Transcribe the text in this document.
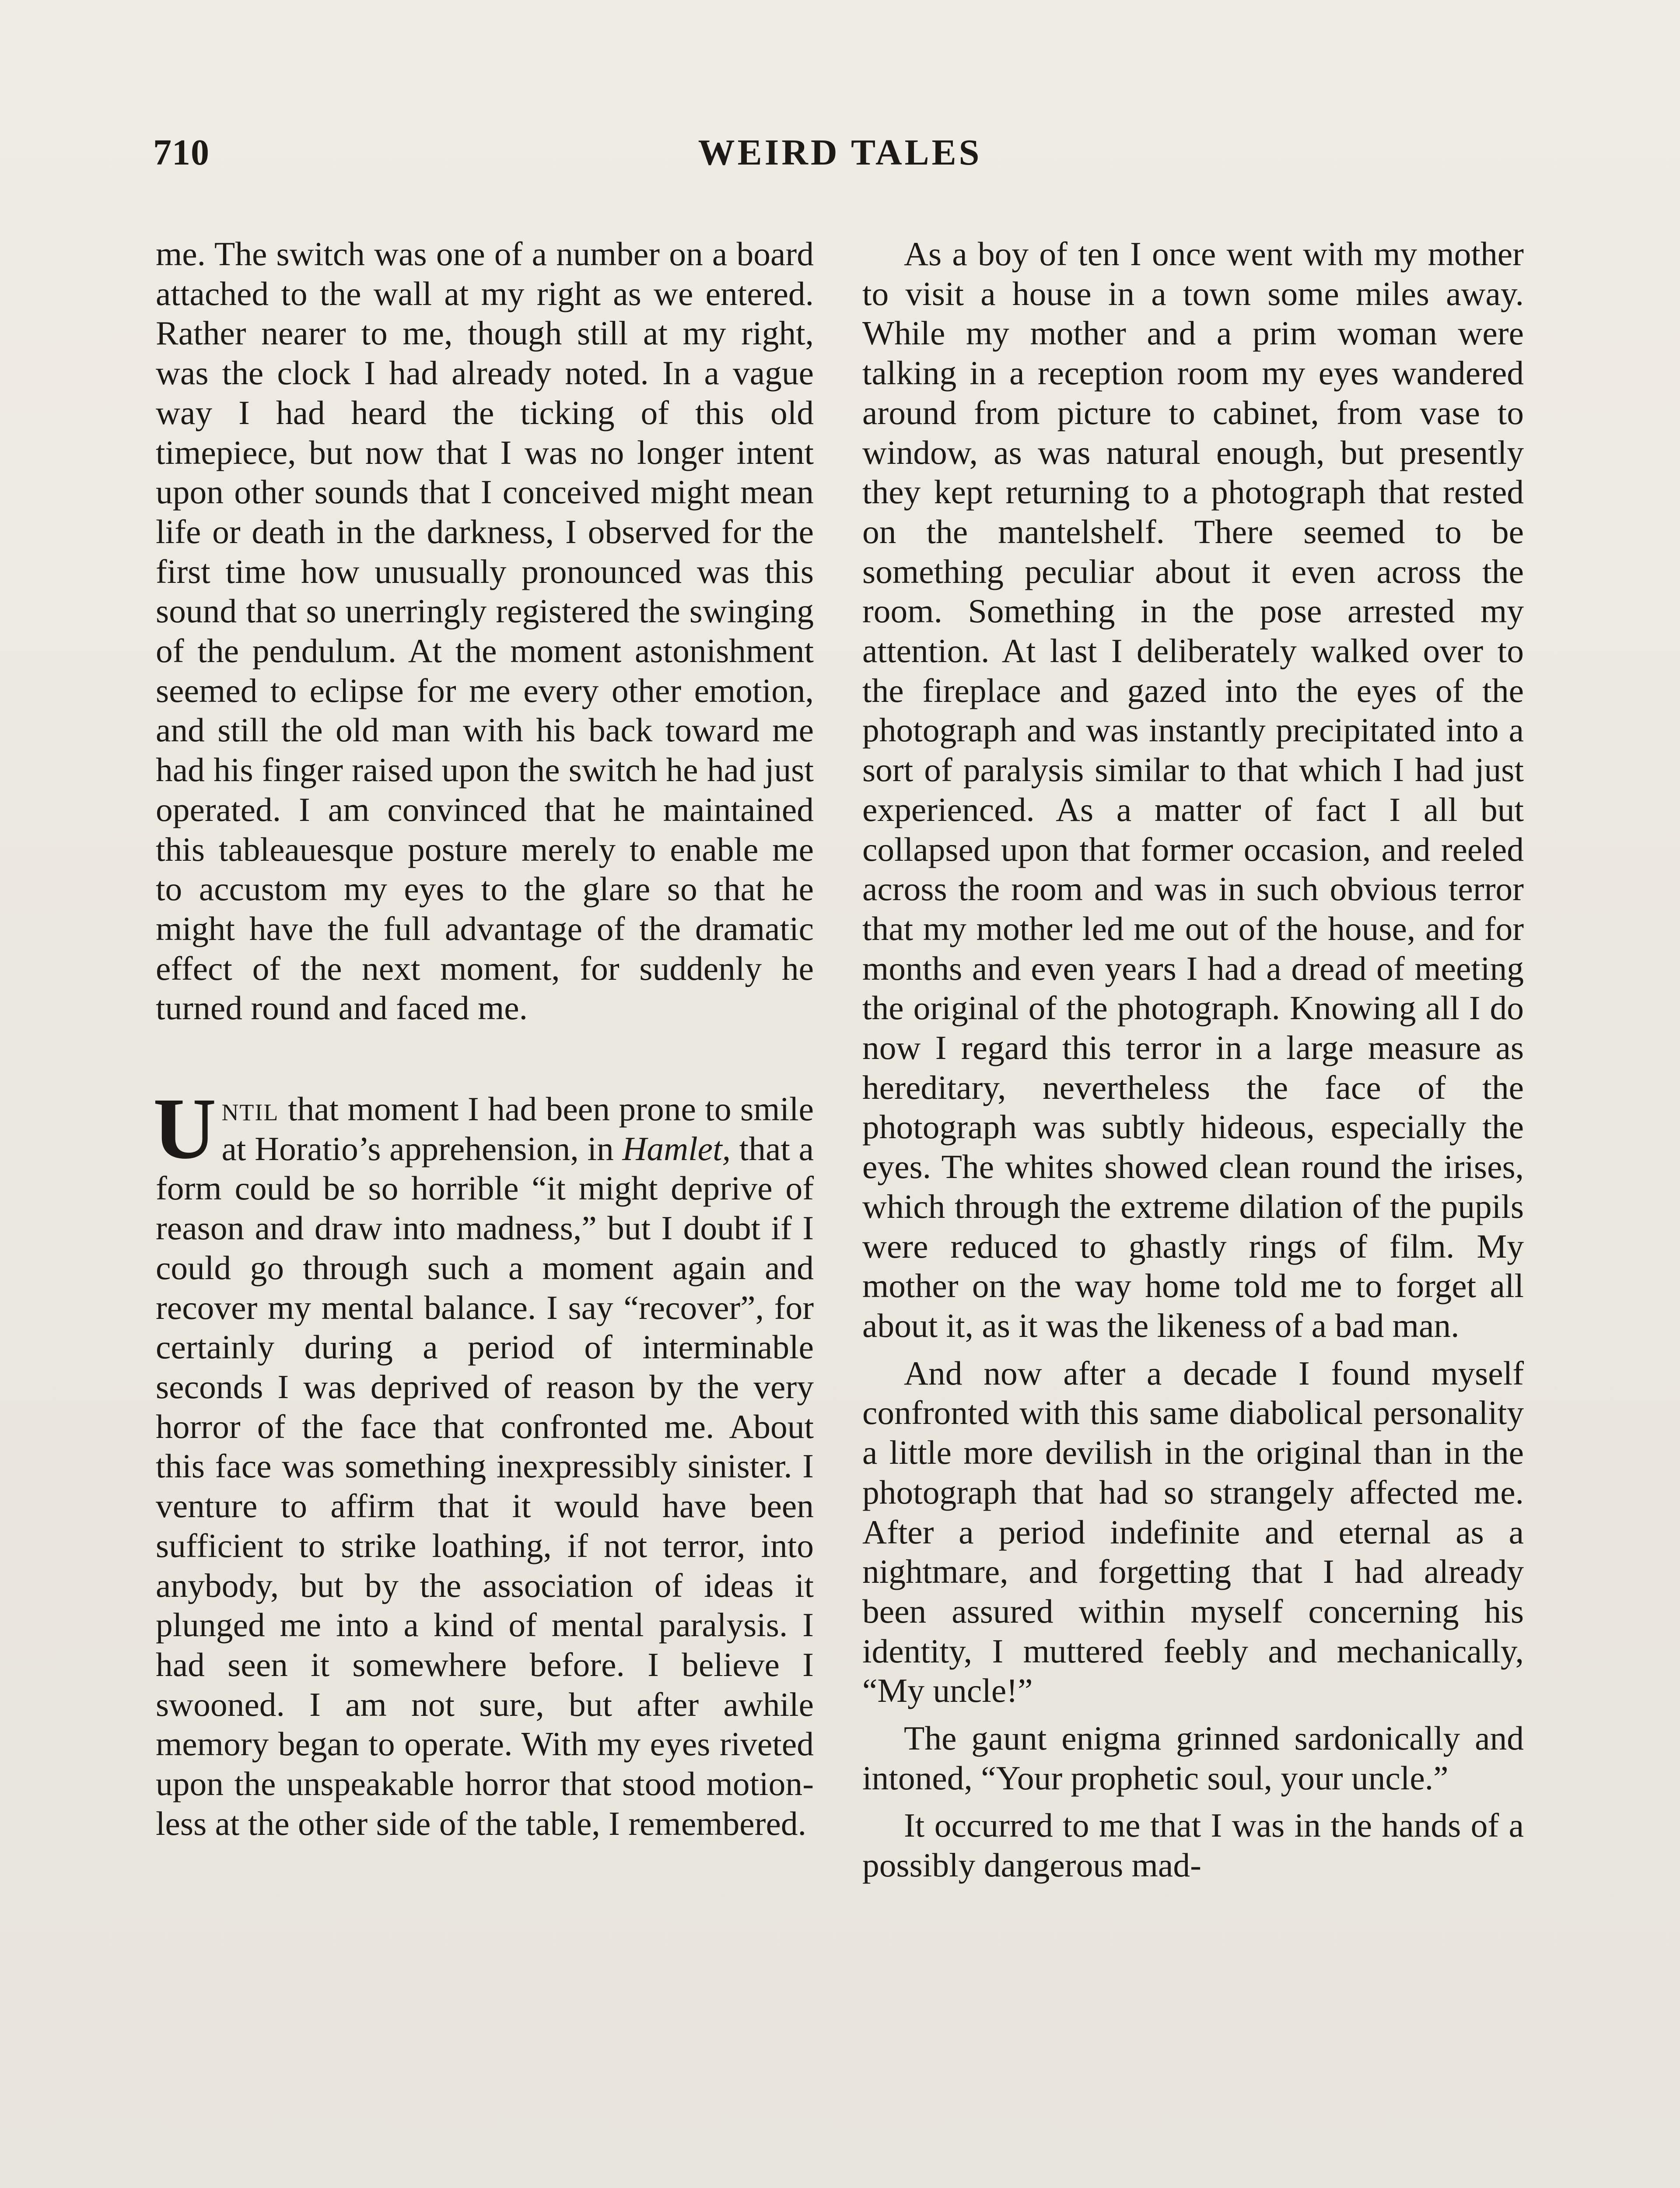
710	WEIRD TALES

me. The switch was one of a number on a board attached to the wall at my right as we entered. Rather nearer to me, though still at my right, was the clock I had already noted. In a vague way I had heard the ticking of this old timepiece, but now that I was no longer intent upon other sounds that I conceived might mean life or death in the darkness, I observed for the first time how unusually pronounced was this sound that so unerringly registered the swinging of the pendulum. At the moment astonishment seemed to eclipse for me every other emotion, and still the old man with his back toward me had his finger raised upon the switch he had just operated. I am convinced that he maintained this tableauesque posture merely to enable me to accustom my eyes to the glare so that he might have the full advantage of the dramatic effect of the next moment, for suddenly he turned round and faced me.

Until that moment I had been prone to smile at Horatio’s apprehension, in Hamlet, that a form could be so horrible “it might deprive of reason and draw into madness,” but I doubt if I could go through such a moment again and recover my mental balance. I say “recover”, for certainly during a period of interminable seconds I was deprived of reason by the very horror of the face that confronted me. About this face was something inexpressibly sinister. I venture to affirm that it would have been sufficient to strike loathing, if not terror, into anybody, but by the association of ideas it plunged me into a kind of mental paralysis. I had seen it somewhere before. I believe I swooned. I am not sure, but after awhile memory began to operate. With my eyes riveted upon the unspeakable horror that stood motionless at the other side of the table, I remembered.

As a boy of ten I once went with my mother to visit a house in a town some miles away. While my mother and a prim woman were talking in a reception room my eyes wandered around from picture to cabinet, from vase to window, as was natural enough, but presently they kept returning to a photograph that rested on the mantelshelf. There seemed to be something peculiar about it even across the room. Something in the pose arrested my attention. At last I deliberately walked over to the fireplace and gazed into the eyes of the photograph and was instantly precipitated into a sort of paralysis similar to that which I had just experienced. As a matter of fact I all but collapsed upon that former occasion, and reeled across the room and was in such obvious terror that my mother led me out of the house, and for months and even years I had a dread of meeting the original of the photograph. Knowing all I do now I regard this terror in a large measure as hereditary, nevertheless the face of the photograph was subtly hideous, especially the eyes. The whites showed clean round the irises, which through the extreme dilation of the pupils were reduced to ghastly rings of film. My mother on the way home told me to forget all about it, as it was the likeness of a bad man.

And now after a decade I found myself confronted with this same diabolical personality a little more devilish in the original than in the photograph that had so strangely affected me. After a period indefinite and eternal as a nightmare, and forgetting that I had already been assured within myself concerning his identity, I muttered feebly and mechanically, “My uncle!”

The gaunt enigma grinned sardonically and intoned, “Your prophetic soul, your uncle.”

It occurred to me that I was in the hands of a possibly dangerous mad-
